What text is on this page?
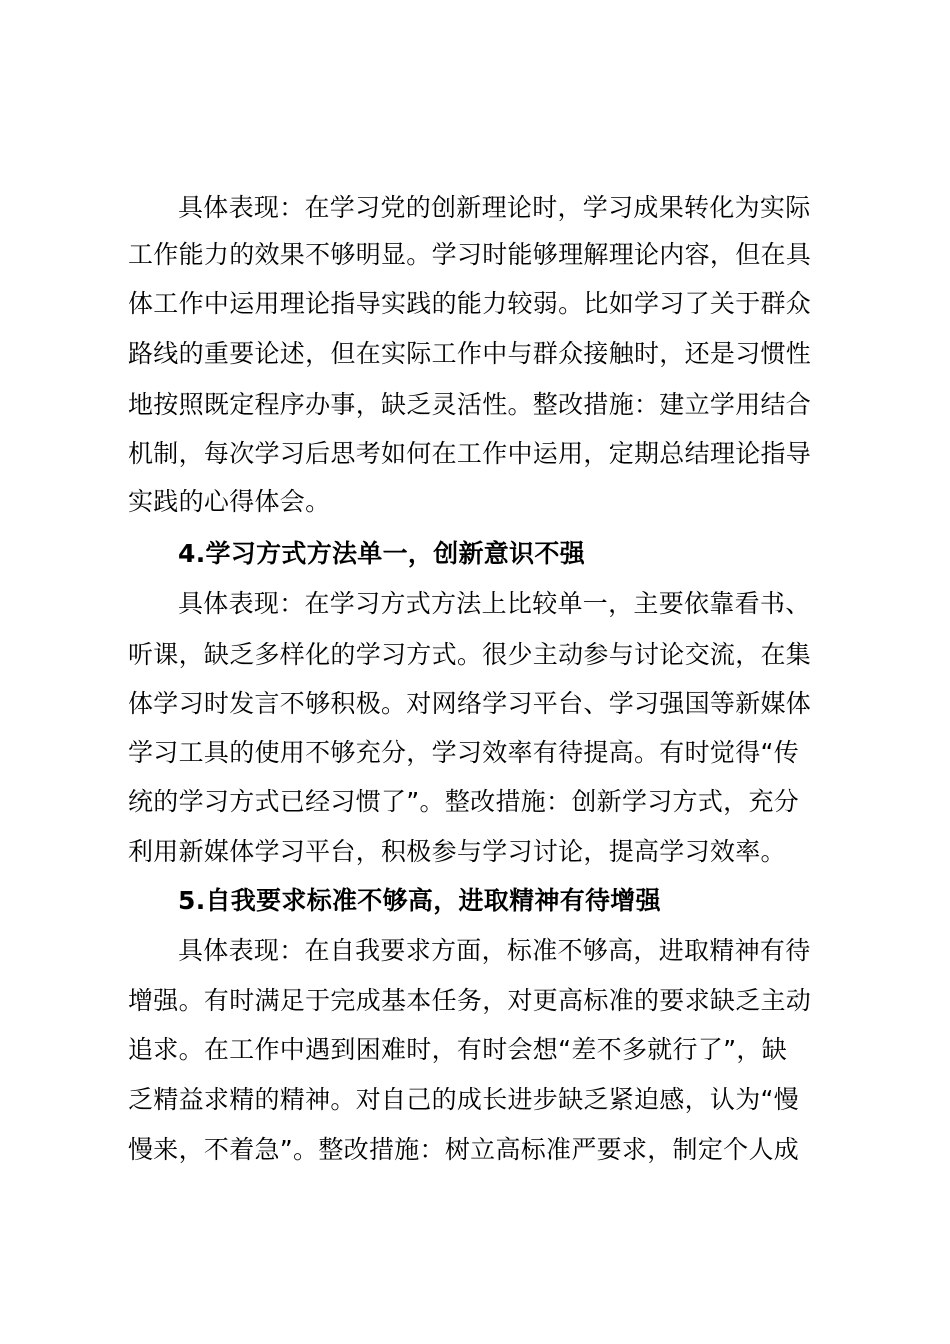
具体表现：在学习党的创新理论时，学习成果转化为实际
工作能力的效果不够明显。学习时能够理解理论内容，但在具
体工作中运用理论指导实践的能力较弱。比如学习了关于群众
路线的重要论述，但在实际工作中与群众接触时，还是习惯性
地按照既定程序办事，缺乏灵活性。整改措施：建立学用结合
机制，每次学习后思考如何在工作中运用，定期总结理论指导
实践的心得体会。
4.学习方式方法单一，创新意识不强
具体表现：在学习方式方法上比较单一，主要依靠看书、
听课，缺乏多样化的学习方式。很少主动参与讨论交流，在集
体学习时发言不够积极。对网络学习平台、学习强国等新媒体
学习工具的使用不够充分，学习效率有待提高。有时觉得“传
统的学习方式已经习惯了”。整改措施：创新学习方式，充分
利用新媒体学习平台，积极参与学习讨论，提高学习效率。
5.自我要求标准不够高，进取精神有待增强
具体表现：在自我要求方面，标准不够高，进取精神有待
增强。有时满足于完成基本任务，对更高标准的要求缺乏主动
追求。在工作中遇到困难时，有时会想“差不多就行了”，缺
乏精益求精的精神。对自己的成长进步缺乏紧迫感，认为“慢
慢来，不着急”。整改措施：树立高标准严要求，制定个人成
